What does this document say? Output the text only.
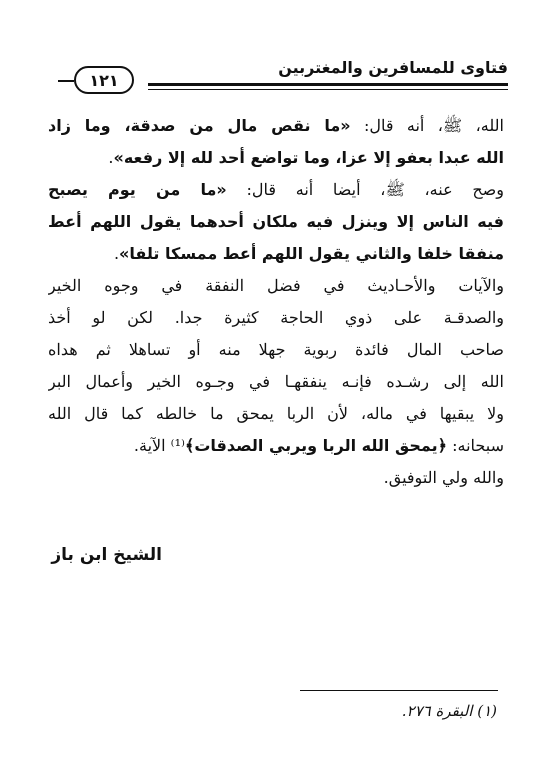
فتاوى للمسافرين والمغتربين
١٢١
الله، ﷺ، أنه قال: «ما نقص مال من صدقة، وما زاد
الله عبدا بعفو إلا عزا، وما تواضع أحد لله إلا رفعه».
وصح عنه، ﷺ، أيضا أنه قال: «ما من يوم يصبح
فيه الناس إلا وينزل فيه ملكان أحدهما يقول اللهم أعط
منفقا خلفا والثاني يقول اللهم أعط ممسكا تلفا».
والآيات والأحـاديث في فضل النفقة في وجوه الخير
والصدقـة على ذوي الحاجة كثيرة جدا. لكن لو أخذ
صاحب المال فائدة ربوية جهلا منه أو تساهلا ثم هداه
الله إلى رشـده فإنـه ينفقهـا في وجـوه الخير وأعمال البر
ولا يبقيها في ماله، لأن الربا يمحق ما خالطه كما قال الله
سبحانه: ﴿يمحق الله الربا ويربي الصدقات﴾⁽¹⁾ الآية.
والله ولي التوفيق.
الشيخ ابن باز
(١) البقرة ٢٧٦.
